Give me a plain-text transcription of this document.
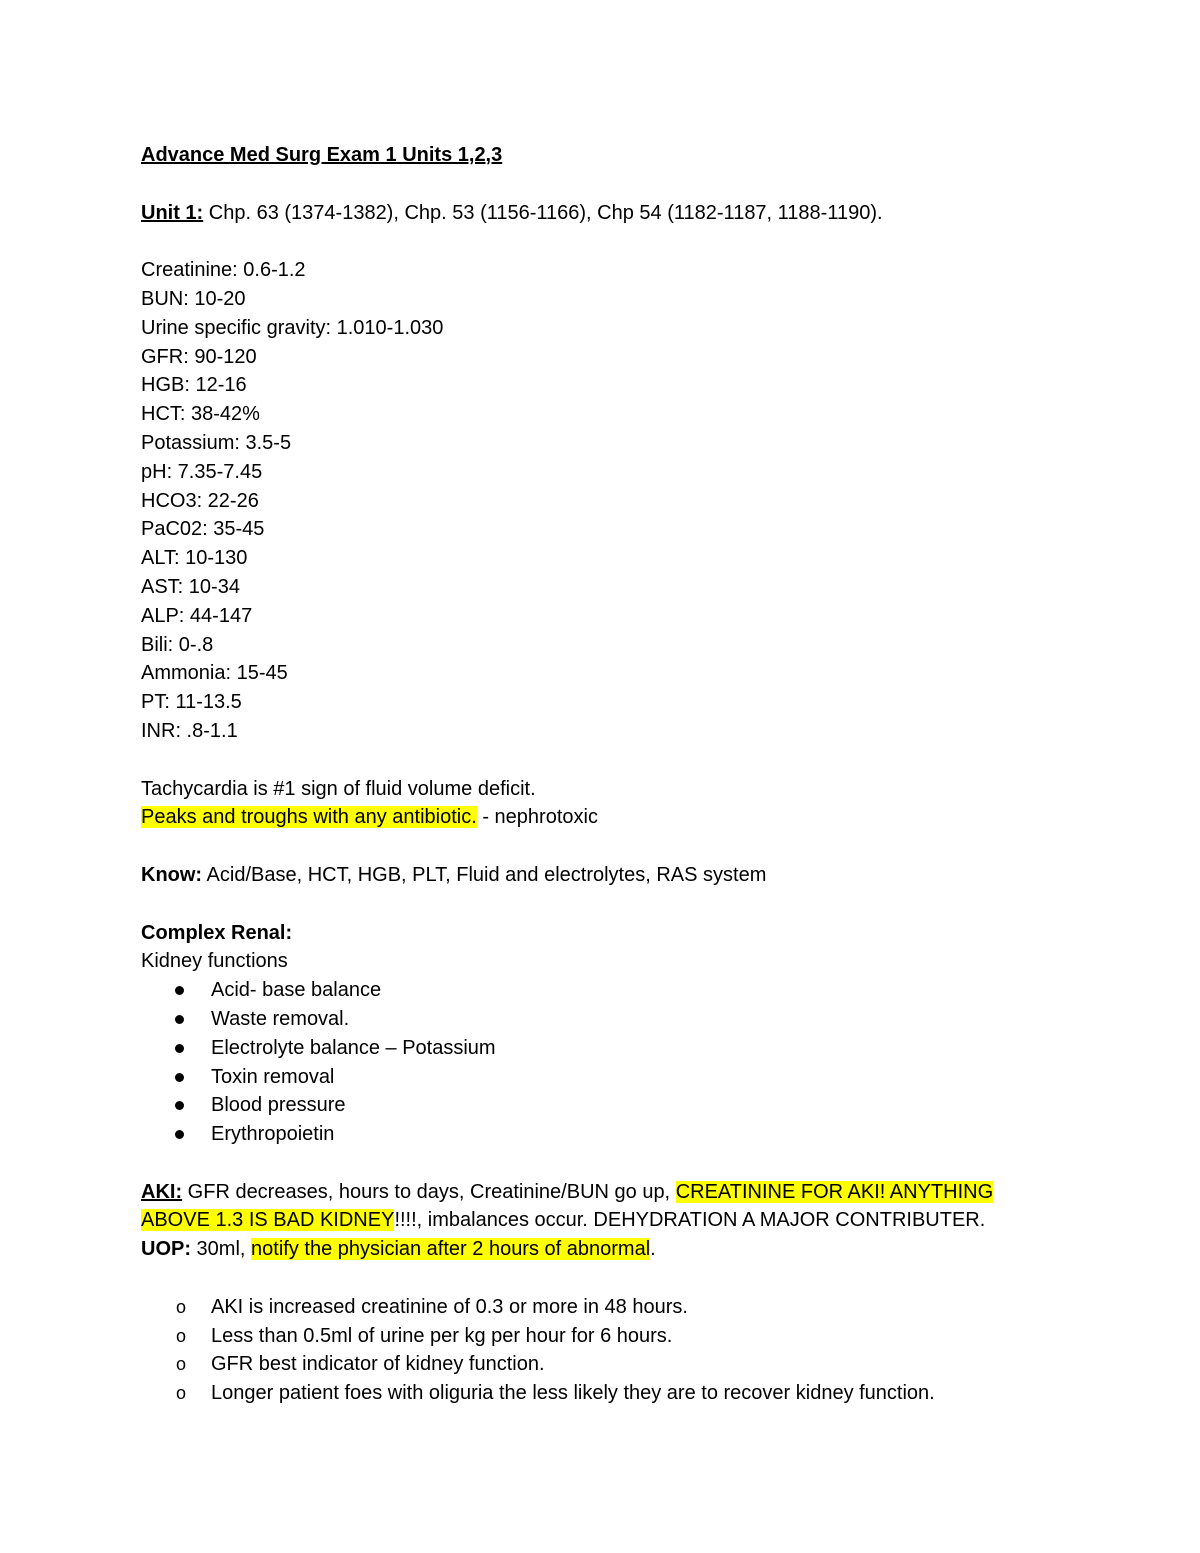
Advance Med Surg Exam 1 Units 1,2,3
Unit 1: Chp. 63 (1374-1382), Chp. 53 (1156-1166), Chp 54 (1182-1187, 1188-1190).
Creatinine: 0.6-1.2
BUN: 10-20
Urine specific gravity: 1.010-1.030
GFR: 90-120
HGB: 12-16
HCT: 38-42%
Potassium: 3.5-5
pH: 7.35-7.45
HCO3: 22-26
PaC02: 35-45
ALT: 10-130
AST: 10-34
ALP: 44-147
Bili: 0-.8
Ammonia: 15-45
PT: 11-13.5
INR: .8-1.1
Tachycardia is #1 sign of fluid volume deficit.
Peaks and troughs with any antibiotic. - nephrotoxic
Know: Acid/Base, HCT, HGB, PLT, Fluid and electrolytes, RAS system
Complex Renal:
Kidney functions
Acid- base balance
Waste removal.
Electrolyte balance – Potassium
Toxin removal
Blood pressure
Erythropoietin
AKI: GFR decreases, hours to days, Creatinine/BUN go up, CREATININE FOR AKI! ANYTHING ABOVE 1.3 IS BAD KIDNEY!!!!, imbalances occur. DEHYDRATION A MAJOR CONTRIBUTER.
UOP: 30ml, notify the physician after 2 hours of abnormal.
o AKI is increased creatinine of 0.3 or more in 48 hours.
o Less than 0.5ml of urine per kg per hour for 6 hours.
o GFR best indicator of kidney function.
o Longer patient foes with oliguria the less likely they are to recover kidney function.
